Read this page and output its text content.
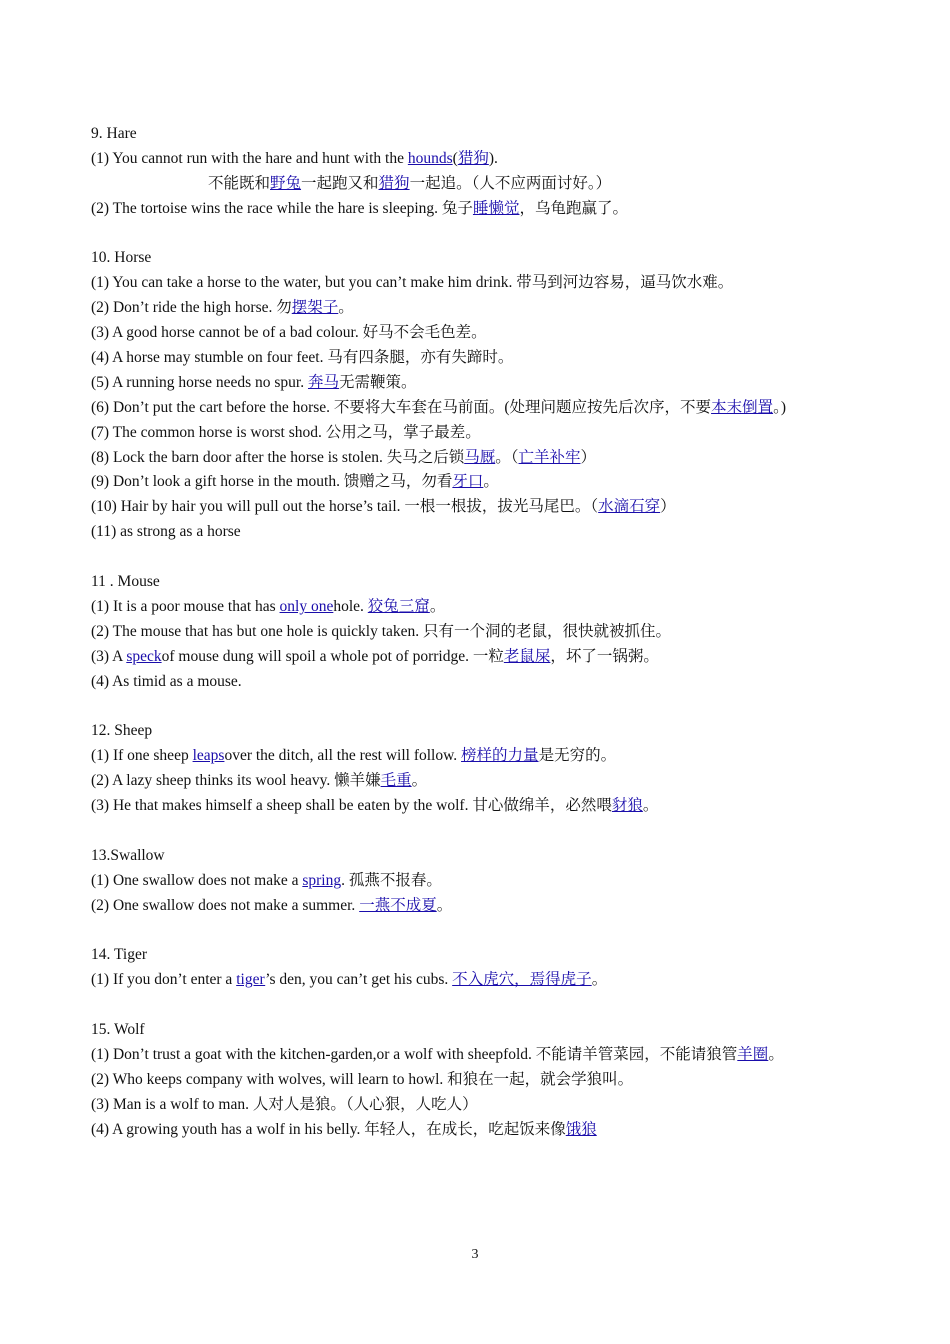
9. Hare
(1) You cannot run with the hare and hunt with the hounds(猎狗).
不能既和野兔一起跑又和猎狗一起追。（人不应两面讨好。）
(2) The tortoise wins the race while the hare is sleeping. 兔子睡懒觉，乌龟跑赢了。
10. Horse
(1) You can take a horse to the water, but you can’t make him drink. 带马到河边容易，逼马饮水难。
(2) Don’t ride the high horse. 勿摆架子。
(3) A good horse cannot be of a bad colour. 好马不会毛色差。
(4) A horse may stumble on four feet. 马有四条腿，亦有失蹄时。
(5) A running horse needs no spur. 奔马无需鞭策。
(6) Don’t put the cart before the horse. 不要将大车套在马前面。(处理问题应按先后次序，不要本末倒置。)
(7) The common horse is worst shod. 公用之马，掌子最差。
(8) Lock the barn door after the horse is stolen. 失马之后锁马厩。（亡羊补牢）
(9) Don’t look a gift horse in the mouth. 馈赠之马，勿看牙口。
(10) Hair by hair you will pull out the horse’s tail. 一根一根拔，拔光马尾巴。（水滴石穿）
(11) as strong as a horse
11 . Mouse
(1) It is a poor mouse that has only onehole. 狡兔三窟。
(2) The mouse that has but one hole is quickly taken. 只有一个洞的老鼠，很快就被抓住。
(3) A speckof mouse dung will spoil a whole pot of porridge. 一粒老鼠屎，坏了一锅粥。
(4) As timid as a mouse.
12. Sheep
(1) If one sheep leapsover the ditch, all the rest will follow. 榜样的力量是无穷的。
(2) A lazy sheep thinks its wool heavy. 懒羊嫌毛重。
(3) He that makes himself a sheep shall be eaten by the wolf. 甘心做绵羊，必然喂豺狼。
13.Swallow
(1) One swallow does not make a spring. 孤燕不报春。
(2) One swallow does not make a summer. 一燕不成夏。
14. Tiger
(1) If you don’t enter a tiger’s den, you can’t get his cubs. 不入虎穴，焉得虎子。
15. Wolf
(1) Don’t trust a goat with the kitchen-garden,or a wolf with sheepfold. 不能请羊管菜园，不能请狼管羊圈。
(2) Who keeps company with wolves, will learn to howl. 和狼在一起，就会学狼叫。
(3) Man is a wolf to man. 人对人是狼。（人心狠，人吃人）
(4) A growing youth has a wolf in his belly. 年轻人，在成长，吃起饭来像饿狼
3
